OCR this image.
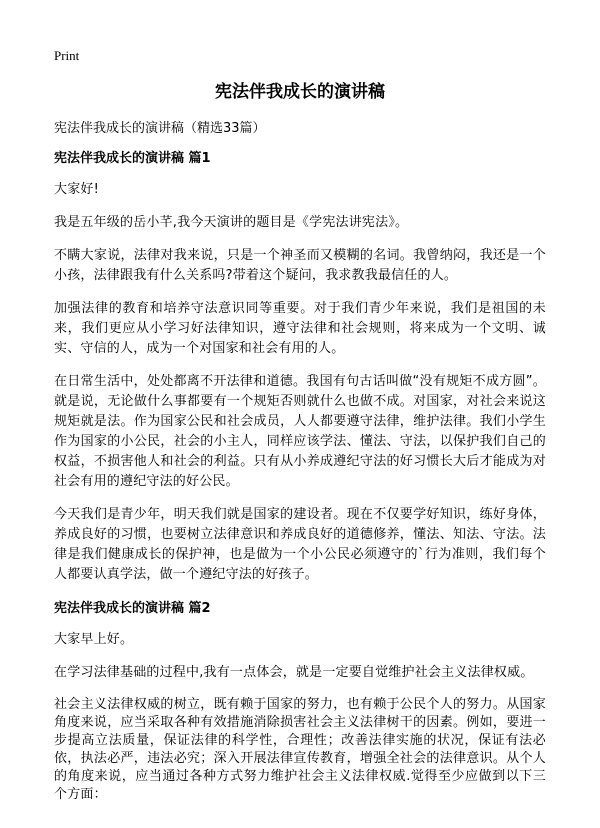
Print
宪法伴我成长的演讲稿
宪法伴我成长的演讲稿（精选33篇）
宪法伴我成长的演讲稿 篇1

大家好!

我是五年级的岳小芊,我今天演讲的题目是《学宪法讲宪法》。

不瞒大家说，法律对我来说，只是一个神圣而又模糊的名词。我曾纳闷，我还是一个小孩，法律跟我有什么关系吗?带着这个疑问，我求教我最信任的人。

加强法律的教育和培养守法意识同等重要。对于我们青少年来说，我们是祖国的未来，我们更应从小学习好法律知识，遵守法律和社会规则，将来成为一个文明、诚实、守信的人，成为一个对国家和社会有用的人。

在日常生活中，处处都离不开法律和道德。我国有句古话叫做“没有规矩不成方圆”。就是说，无论做什么事都要有一个规矩否则就什么也做不成。对国家，对社会来说这规矩就是法。作为国家公民和社会成员，人人都要遵守法律，维护法律。我们小学生作为国家的小公民，社会的小主人，同样应该学法、懂法、守法，以保护我们自己的权益，不损害他人和社会的利益。只有从小养成遵纪守法的好习惯长大后才能成为对社会有用的遵纪守法的好公民。

今天我们是青少年，明天我们就是国家的建设者。现在不仅要学好知识，练好身体，养成良好的习惯，也要树立法律意识和养成良好的道德修养，懂法、知法、守法。法律是我们健康成长的保护神，也是做为一个小公民必须遵守的`行为准则，我们每个人都要认真学法，做一个遵纪守法的好孩子。

宪法伴我成长的演讲稿 篇2

大家早上好。

在学习法律基础的过程中,我有一点体会，就是一定要自觉维护社会主义法律权威。

社会主义法律权威的树立，既有赖于国家的努力，也有赖于公民个人的努力。从国家角度来说，应当采取各种有效措施消除损害社会主义法律树干的因素。例如，要进一步提高立法质量，保证法律的科学性，合理性；改善法律实施的状况，保证有法必依，执法必严，违法必究；深入开展法律宣传教育，增强全社会的法律意识。从个人的角度来说，应当通过各种方式努力维护社会主义法律权威.觉得至少应做到以下三个方面：
